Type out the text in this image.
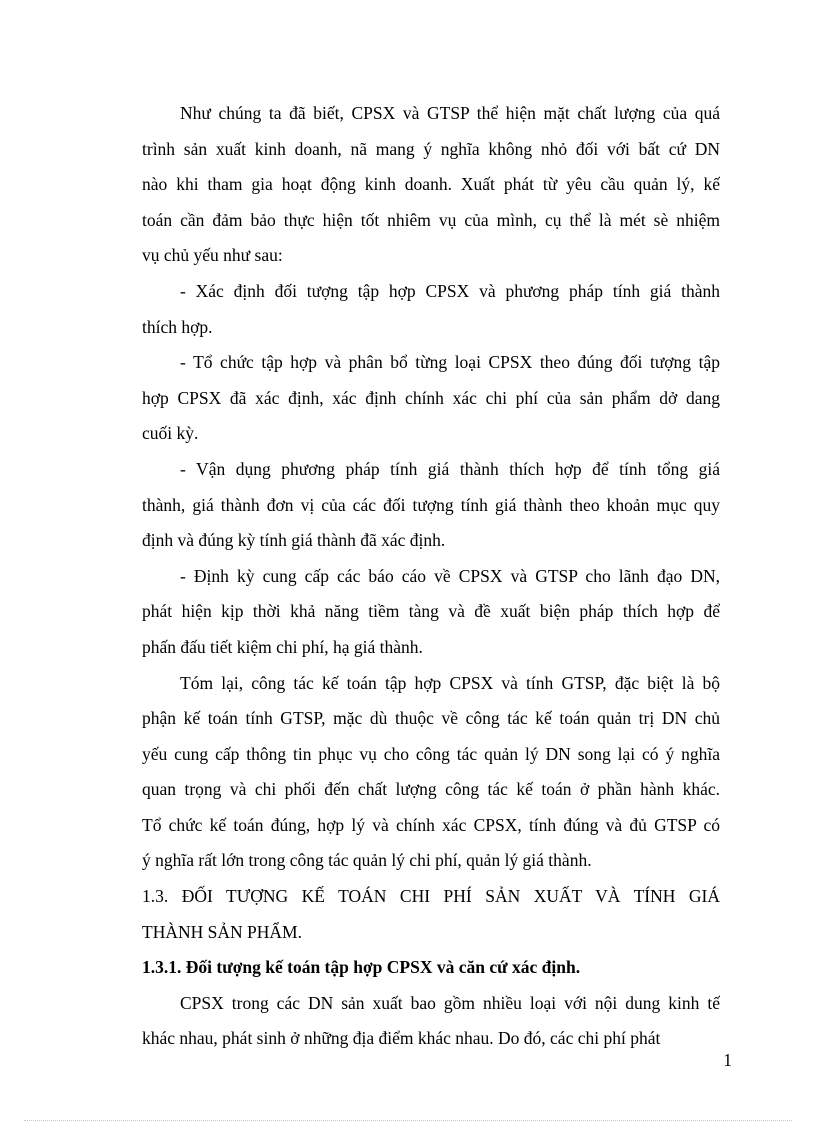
Như chúng ta đã biết, CPSX và GTSP thể hiện mặt chất lượng của quá
trình sản xuất kinh doanh, nã mang ý nghĩa không nhỏ đối với bất cứ DN
nào khi tham gia hoạt động kinh doanh. Xuất phát từ yêu cầu quản lý, kế
toán cần đảm bảo thực hiện tốt nhiêm vụ của mình, cụ thể là mét sè nhiệm
vụ chủ yếu như sau:
- Xác định đối tượng tập hợp CPSX và phương pháp tính giá thành
thích hợp.
- Tổ chức tập hợp và phân bổ từng loại CPSX theo đúng đối tượng tập
hợp CPSX đã xác định, xác định chính xác chi phí của sản phẩm dở dang
cuối kỳ.
- Vận dụng phương pháp tính giá thành thích hợp để tính tổng giá
thành, giá thành đơn vị của các đối tượng tính giá thành theo khoản mục quy
định và đúng kỳ tính giá thành đã xác định.
- Định kỳ cung cấp các báo cáo về CPSX và GTSP cho lãnh đạo DN,
phát hiện kịp thời khả năng tiềm tàng và đề xuất biện pháp thích hợp để
phấn đấu tiết kiệm chi phí, hạ giá thành.
Tóm lại, công tác kế toán tập hợp CPSX và tính GTSP, đặc biệt là bộ
phận kế toán tính GTSP, mặc dù thuộc về công tác kế toán quản trị DN chủ
yếu cung cấp thông tin phục vụ cho công tác quản lý DN song lại có ý nghĩa
quan trọng và chi phối đến chất lượng công tác kế toán ở phần hành khác.
Tổ chức kế toán đúng, hợp lý và chính xác CPSX, tính đúng và đủ GTSP có
ý nghĩa rất lớn trong công tác quản lý chi phí, quản lý giá thành.
1.3. ĐỐI TƯỢNG KẾ TOÁN CHI PHÍ SẢN XUẤT VÀ TÍNH GIÁ
THÀNH SẢN PHẨM.
1.3.1. Đối tượng kế toán tập hợp CPSX và căn cứ xác định.
CPSX trong các DN sản xuất bao gồm nhiều loại với nội dung kinh tế
khác nhau, phát sinh ở những địa điểm khác nhau. Do đó, các chi phí phát
1
